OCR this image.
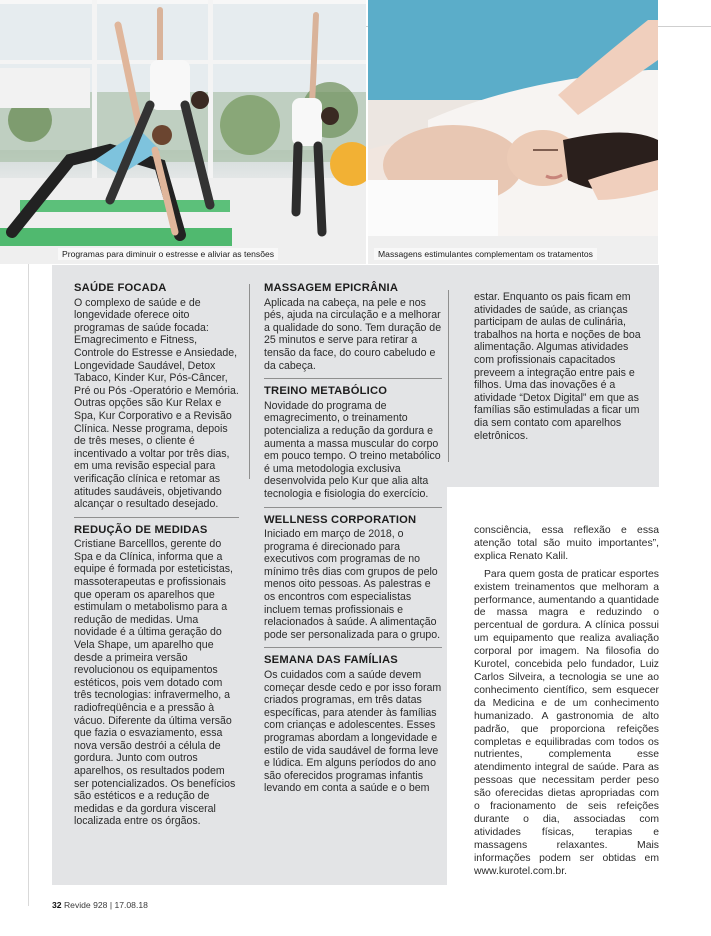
Programas para diminuir o estresse e aliviar as tensões	Massagens estimulantes complementam os tratamentos
SAÚDE FOCADA

O complexo de saúde e de longevidade oferece oito programas de saúde focada: Emagrecimento e Fitness, Controle do Estresse e Ansiedade, Longevidade Saudável, Detox Tabaco, Kinder Kur, Pós-Câncer, Pré ou Pós -Operatório e Memória. Outras opções são Kur Relax e Spa, Kur Corporativo e a Revisão Clínica. Nesse programa, depois de três meses, o cliente é incentivado a voltar por três dias, em uma revisão especial para verificação clínica e retomar as atitudes saudáveis, objetivando alcançar o resultado desejado.

REDUÇÃO DE MEDIDAS

Cristiane Barcelllos, gerente do Spa e da Clínica, informa que a equipe é formada por esteticistas, massoterapeutas e profissionais que operam os aparelhos que estimulam o metabolismo para a redução de medidas. Uma novidade é a última geração do Vela Shape, um aparelho que desde a primeira versão revolucionou os equipamentos estéticos, pois vem dotado com três tecnologias: infravermelho, a radiofreqüência e a pressão à vácuo. Diferente da última versão que fazia o esvaziamento, essa nova versão destrói a célula de gordura. Junto com outros aparelhos, os resultados podem ser potencializados. Os benefícios são estéticos e a redução de medidas e da gordura visceral localizada entre os órgãos.

MASSAGEM EPICRÂNIA

Aplicada na cabeça, na pele e nos pés, ajuda na circulação e a melhorar a qualidade do sono. Tem duração de 25 minutos e serve para retirar a tensão da face, do couro cabeludo e da cabeça.

TREINO METABÓLICO

Novidade do programa de emagrecimento, o treinamento potencializa a redução da gordura e aumenta a massa muscular do corpo em pouco tempo. O treino metabólico é uma metodologia exclusiva desenvolvida pelo Kur que alia alta tecnologia e fisiologia do exercício.

WELLNESS CORPORATION

Iniciado em março de 2018, o programa é direcionado para executivos com programas de no mínimo três dias com grupos de pelo menos oito pessoas. As palestras e os encontros com especialistas incluem temas profissionais e relacionados à saúde. A alimentação pode ser personalizada para o grupo.

SEMANA DAS FAMÍLIAS

Os cuidados com a saúde devem começar desde cedo e por isso foram criados programas, em três datas específicas, para atender às famílias com crianças e adolescentes. Esses programas abordam a longevidade e estilo de vida saudável de forma leve e lúdica. Em alguns períodos do ano são oferecidos programas infantis levando em conta a saúde e o bem

estar. Enquanto os pais ficam em atividades de saúde, as crianças participam de aulas de culinária, trabalhos na horta e noções de boa alimentação. Algumas atividades com profissionais capacitados preveem a integração entre pais e filhos. Uma das inovações é a atividade “Detox Digital” em que as famílias são estimuladas a ficar um dia sem contato com aparelhos eletrônicos.

consciência, essa reflexão e essa atenção total são muito importantes”, explica Renato Kalil.

Para quem gosta de praticar esportes existem treinamentos que melhoram a performance, aumentando a quantidade de massa magra e reduzindo o percentual de gordura. A clínica possui um equipamento que realiza avaliação corporal por imagem. Na filosofia do Kurotel, concebida pelo fundador, Luiz Carlos Silveira, a tecnologia se une ao conhecimento científico, sem esquecer da Medicina e de um conhecimento humanizado. A gastronomia de alto padrão, que proporciona refeições completas e equilibradas com todos os nutrientes, complementa esse atendimento integral de saúde. Para as pessoas que necessitam perder peso são oferecidas dietas apropriadas com o fracionamento de seis refeições durante o dia, associadas com atividades físicas, terapias e massagens relaxantes. Mais informações podem ser obtidas em www.kurotel.com.br.

32 Revide 928 | 17.08.18
